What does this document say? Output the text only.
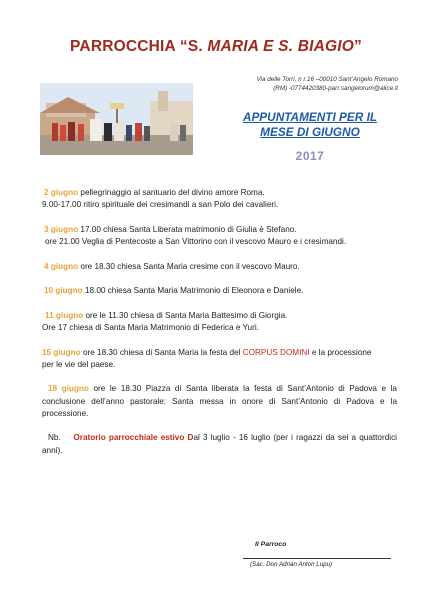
PARROCCHIA “S. MARIA E S. BIAGIO”
Via delle Torri, n r.16 –00010 Sant’Angelo Romano
(RM) -0774420380-parr.sangelorum@alice.it
APPUNTAMENTI PER IL
MESE DI GIUGNO
2017

2 giugno pellegrinaggio al santuario del divino amore Roma.

9.00-17.00 ritiro spirituale dei cresimandi a san Polo dei cavalieri.

3 giugno 17.00 chiesa Santa Liberata matrimonio di Giulia è Stefano.

ore 21.00 Veglia di Pentecoste a San Vittorino con il vescovo Mauro e i cresimandi.

4 giugno ore 18.30 chiesa Santa Maria cresime con il vescovo Mauro.

10 giugno 18.00 chiesa Santa Maria Matrimonio di Eleonora e Daniele.

11 giugno ore le 11.30 chiesa di Santa Maria Battesimo di Giorgia.

Ore 17 chiesa di Santa Maria Matrimonio di Federica e Yuri.

15 giugno ore 18.30 chiesa di Santa Maria la festa del CORPUS DOMINI e la processione

per le vie del paese.

18 giugno ore le 18.30 Piazza di Santa liberata la festa di Sant’Antonio di Padova e la conclusione dell’anno pastorale: Santa messa in onore di Sant’Antonio di Padova e la processione.

Nb. Oratorio parrocchiale estivo Dal 3 luglio - 16 luglio (per i ragazzi da sei a quattordici anni).

Il Parroco
(Sac. Don Adrian Anton Lupu)
